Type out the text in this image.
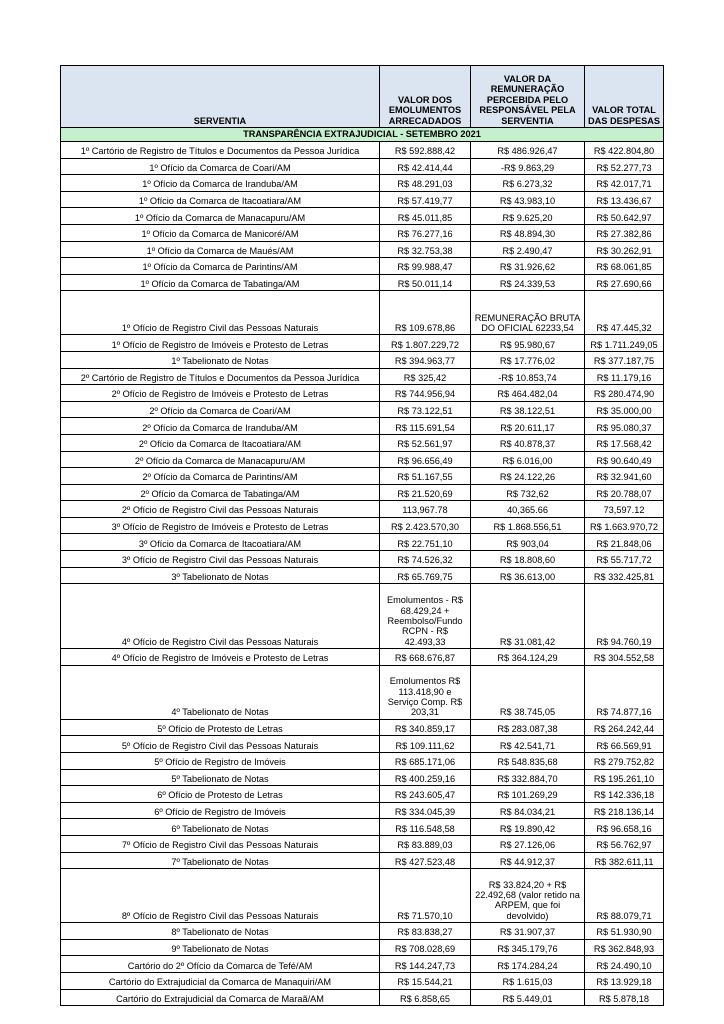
SERVENTIA	VALOR DOS EMOLUMENTOS ARRECADADOS	VALOR DA REMUNERAÇÃO PERCEBIDA PELO RESPONSÁVEL PELA SERVENTIA	VALOR TOTAL DAS DESPESAS
TRANSPARÊNCIA EXTRAJUDICIAL - SETEMBRO 2021			
1º Cartório de Registro de Títulos e Documentos da Pessoa Jurídica	R$ 592.888,42	R$ 486.926,47	R$ 422.804,80
1º Ofício da Comarca de Coari/AM	R$ 42.414,44	-R$ 9.863,29	R$ 52.277,73
1º Ofício da Comarca de Iranduba/AM	R$ 48.291,03	R$ 6.273,32	R$ 42.017,71
1º Ofício da Comarca de Itacoatiara/AM	R$ 57.419,77	R$ 43.983,10	R$ 13.436,67
1º Ofício da Comarca de Manacapuru/AM	R$ 45.011,85	R$ 9.625,20	R$ 50.642,97
1º Ofício da Comarca de Manicoré/AM	R$ 76.277,16	R$ 48.894,30	R$ 27.382,86
1º Ofício da Comarca de Maués/AM	R$ 32.753,38	R$ 2.490,47	R$ 30.262,91
1º Ofício da Comarca de Parintins/AM	R$ 99.988,47	R$ 31.926,62	R$ 68.061,85
1º Ofício da Comarca de Tabatinga/AM	R$ 50.011,14	R$ 24.339,53	R$ 27.690,66
1º Ofício de Registro Civil das Pessoas Naturais	R$ 109.678,86	REMUNERAÇÃO BRUTA DO OFICIAL 62233,54	R$ 47.445,32
1º Ofício de Registro de Imóveis e Protesto de Letras	R$ 1.807.229,72	R$ 95.980,67	R$ 1.711.249,05
1º Tabelionato de Notas	R$ 394.963,77	R$ 17.776,02	R$ 377.187,75
2º Cartório de Registro de Títulos e Documentos da Pessoa Jurídica	R$ 325,42	-R$ 10.853,74	R$ 11.179,16
2º Ofício de Registro de Imóveis e Protesto de Letras	R$ 744.956,94	R$ 464.482,04	R$ 280.474,90
2º Ofício da Comarca de Coari/AM	R$ 73.122,51	R$ 38.122,51	R$ 35.000,00
2º Ofício da Comarca de Iranduba/AM	R$ 115.691,54	R$ 20.611,17	R$ 95.080,37
2º Ofício da Comarca de Itacoatiara/AM	R$ 52.561,97	R$ 40.878,37	R$ 17.568,42
2º Ofício da Comarca de Manacapuru/AM	R$ 96.656,49	R$ 6.016,00	R$ 90.640,49
2º Ofício da Comarca de Parintins/AM	R$ 51.167,55	R$ 24.122,26	R$ 32.941,60
2º Ofício da Comarca de Tabatinga/AM	R$ 21.520,69	R$ 732,62	R$ 20.788,07
2º Ofício de Registro Civil das Pessoas Naturais	113,967.78	40,365.66	73,597.12
3º Ofício de Registro de Imóveis e Protesto de Letras	R$ 2.423.570,30	R$ 1.868.556,51	R$ 1.663.970,72
3º Ofício da Comarca de Itacoatiara/AM	R$ 22.751,10	R$ 903,04	R$ 21.848,06
3º Ofício de Registro Civil das Pessoas Naturais	R$ 74.526,32	R$ 18.808,60	R$ 55.717,72
3º Tabelionato de Notas	R$ 65.769,75	R$ 36.613,00	R$ 332.425,81
4º Ofício de Registro Civil das Pessoas Naturais	Emolumentos - R$ 68.429,24 + Reembolso/Fundo RCPN - R$ 42.493,33	R$ 31.081,42	R$ 94.760,19
4º Ofício de Registro de Imóveis e Protesto de Letras	R$ 668.676,87	R$ 364.124,29	R$ 304.552,58
4º Tabelionato de Notas	Emolumentos R$ 113.418,90 e Serviço Comp. R$ 203,31	R$ 38.745,05	R$ 74.877,16
5º Ofício de Protesto de Letras	R$ 340.859,17	R$ 283.087,38	R$ 264.242,44
5º Ofício de Registro Civil das Pessoas Naturais	R$ 109.111,62	R$ 42.541,71	R$ 66.569,91
5º Ofício de Registro de Imóveis	R$ 685.171,06	R$ 548.835,68	R$ 279.752,82
5º Tabelionato de Notas	R$ 400.259,16	R$ 332.884,70	R$ 195.261,10
6º Ofício de Protesto de Letras	R$ 243.605,47	R$ 101.269,29	R$ 142.336,18
6º Ofício de Registro de Imóveis	R$ 334.045,39	R$ 84.034,21	R$ 218.136,14
6º Tabelionato de Notas	R$ 116.548,58	R$ 19.890,42	R$ 96.658,16
7º Ofício de Registro Civil das Pessoas Naturais	R$ 83.889,03	R$ 27.126,06	R$ 56.762,97
7º Tabelionato de Notas	R$ 427.523,48	R$ 44.912,37	R$ 382.611,11
8º Ofício de Registro Civil das Pessoas Naturais	R$ 71.570,10	R$ 33.824,20 + R$ 22.492,68 (valor retido na ARPEM, que foi devolvido)	R$ 88.079,71
8º Tabelionato de Notas	R$ 83.838,27	R$ 31.907,37	R$ 51.930,90
9º Tabelionato de Notas	R$ 708.028,69	R$ 345.179,76	R$ 362.848,93
Cartório do 2º Ofício da Comarca de Tefé/AM	R$ 144.247,73	R$ 174.284,24	R$ 24.490,10
Cartório do Extrajudicial da Comarca de Manaquiri/AM	R$ 15.544,21	R$ 1.615,03	R$ 13.929,18
Cartório do Extrajudicial da Comarca de Maraã/AM	R$ 6.858,65	R$ 5.449,01	R$ 5.878,18
